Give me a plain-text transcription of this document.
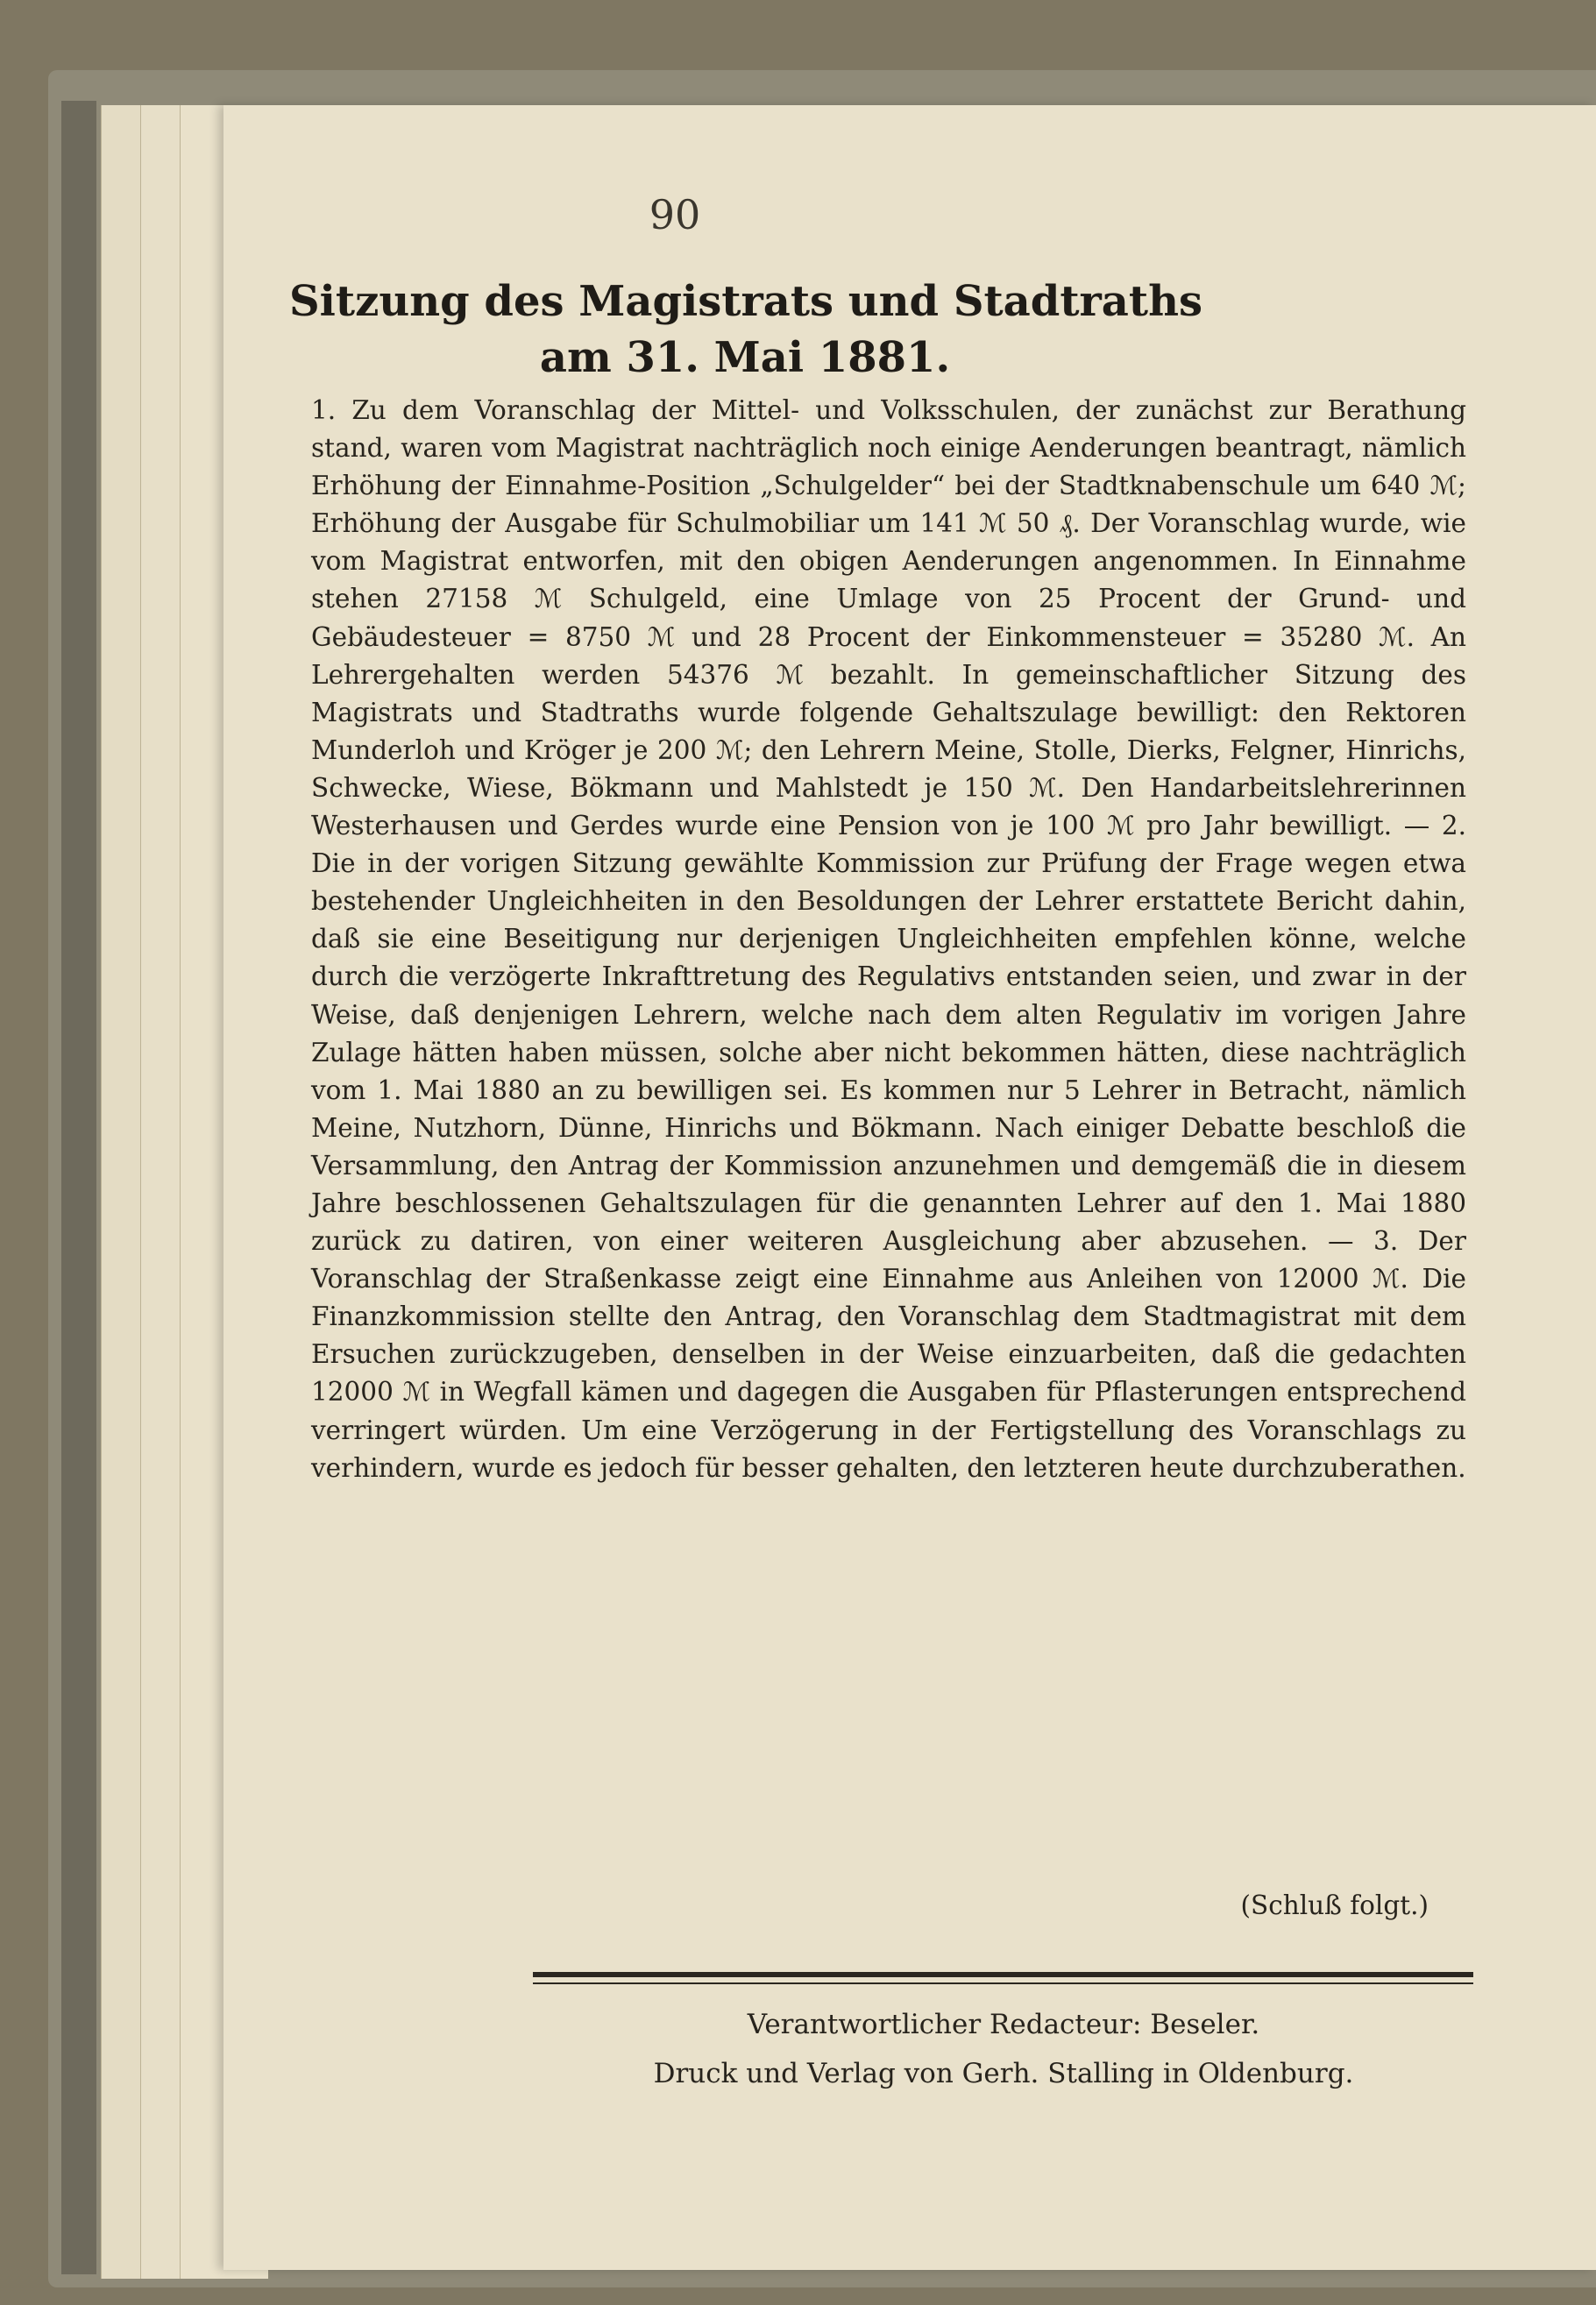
90
Sitzung des Magistrats und Stadtraths
am 31. Mai 1881.

1. Zu dem Voranschlag der Mittel- und Volksschulen, der zunächst zur Berathung stand, waren vom Magistrat nachträglich noch einige Aenderungen beantragt, nämlich Erhöhung der Einnahme-Position „Schulgelder“ bei der Stadtknabenschule um 640 ℳ; Erhöhung der Ausgabe für Schulmobiliar um 141 ℳ 50 ₰. Der Voranschlag wurde, wie vom Magistrat entworfen, mit den obigen Aenderungen angenommen. In Einnahme stehen 27158 ℳ Schulgeld, eine Umlage von 25 Procent der Grund- und Gebäudesteuer = 8750 ℳ und 28 Procent der Einkommensteuer = 35280 ℳ. An Lehrergehalten werden 54376 ℳ bezahlt. In gemeinschaftlicher Sitzung des Magistrats und Stadtraths wurde folgende Gehaltszulage bewilligt: den Rektoren Munderloh und Kröger je 200 ℳ; den Lehrern Meine, Stolle, Dierks, Felgner, Hinrichs, Schwecke, Wiese, Bökmann und Mahlstedt je 150 ℳ. Den Handarbeitslehrerinnen Westerhausen und Gerdes wurde eine Pension von je 100 ℳ pro Jahr bewilligt. — 2. Die in der vorigen Sitzung gewählte Kommission zur Prüfung der Frage wegen etwa bestehender Ungleichheiten in den Besoldungen der Lehrer erstattete Bericht dahin, daß sie eine Beseitigung nur derjenigen Ungleichheiten empfehlen könne, welche durch die verzögerte Inkrafttretung des Regulativs entstanden seien, und zwar in der Weise, daß denjenigen Lehrern, welche nach dem alten Regulativ im vorigen Jahre Zulage hätten haben müssen, solche aber nicht bekommen hätten, diese nachträglich vom 1. Mai 1880 an zu bewilligen sei. Es kommen nur 5 Lehrer in Betracht, nämlich Meine, Nutzhorn, Dünne, Hinrichs und Bökmann. Nach einiger Debatte beschloß die Versammlung, den Antrag der Kommission anzunehmen und demgemäß die in diesem Jahre beschlossenen Gehaltszulagen für die genannten Lehrer auf den 1. Mai 1880 zurück zu datiren, von einer weiteren Ausgleichung aber abzusehen. — 3. Der Voranschlag der Straßenkasse zeigt eine Einnahme aus Anleihen von 12000 ℳ. Die Finanzkommission stellte den Antrag, den Voranschlag dem Stadtmagistrat mit dem Ersuchen zurückzugeben, denselben in der Weise einzuarbeiten, daß die gedachten 12000 ℳ in Wegfall kämen und dagegen die Ausgaben für Pflasterungen entsprechend verringert würden. Um eine Verzögerung in der Fertigstellung des Voranschlags zu verhindern, wurde es jedoch für besser gehalten, den letzteren heute durchzuberathen.

(Schluß folgt.)
Verantwortlicher Redacteur: Beseler.
Druck und Verlag von Gerh. Stalling in Oldenburg.
